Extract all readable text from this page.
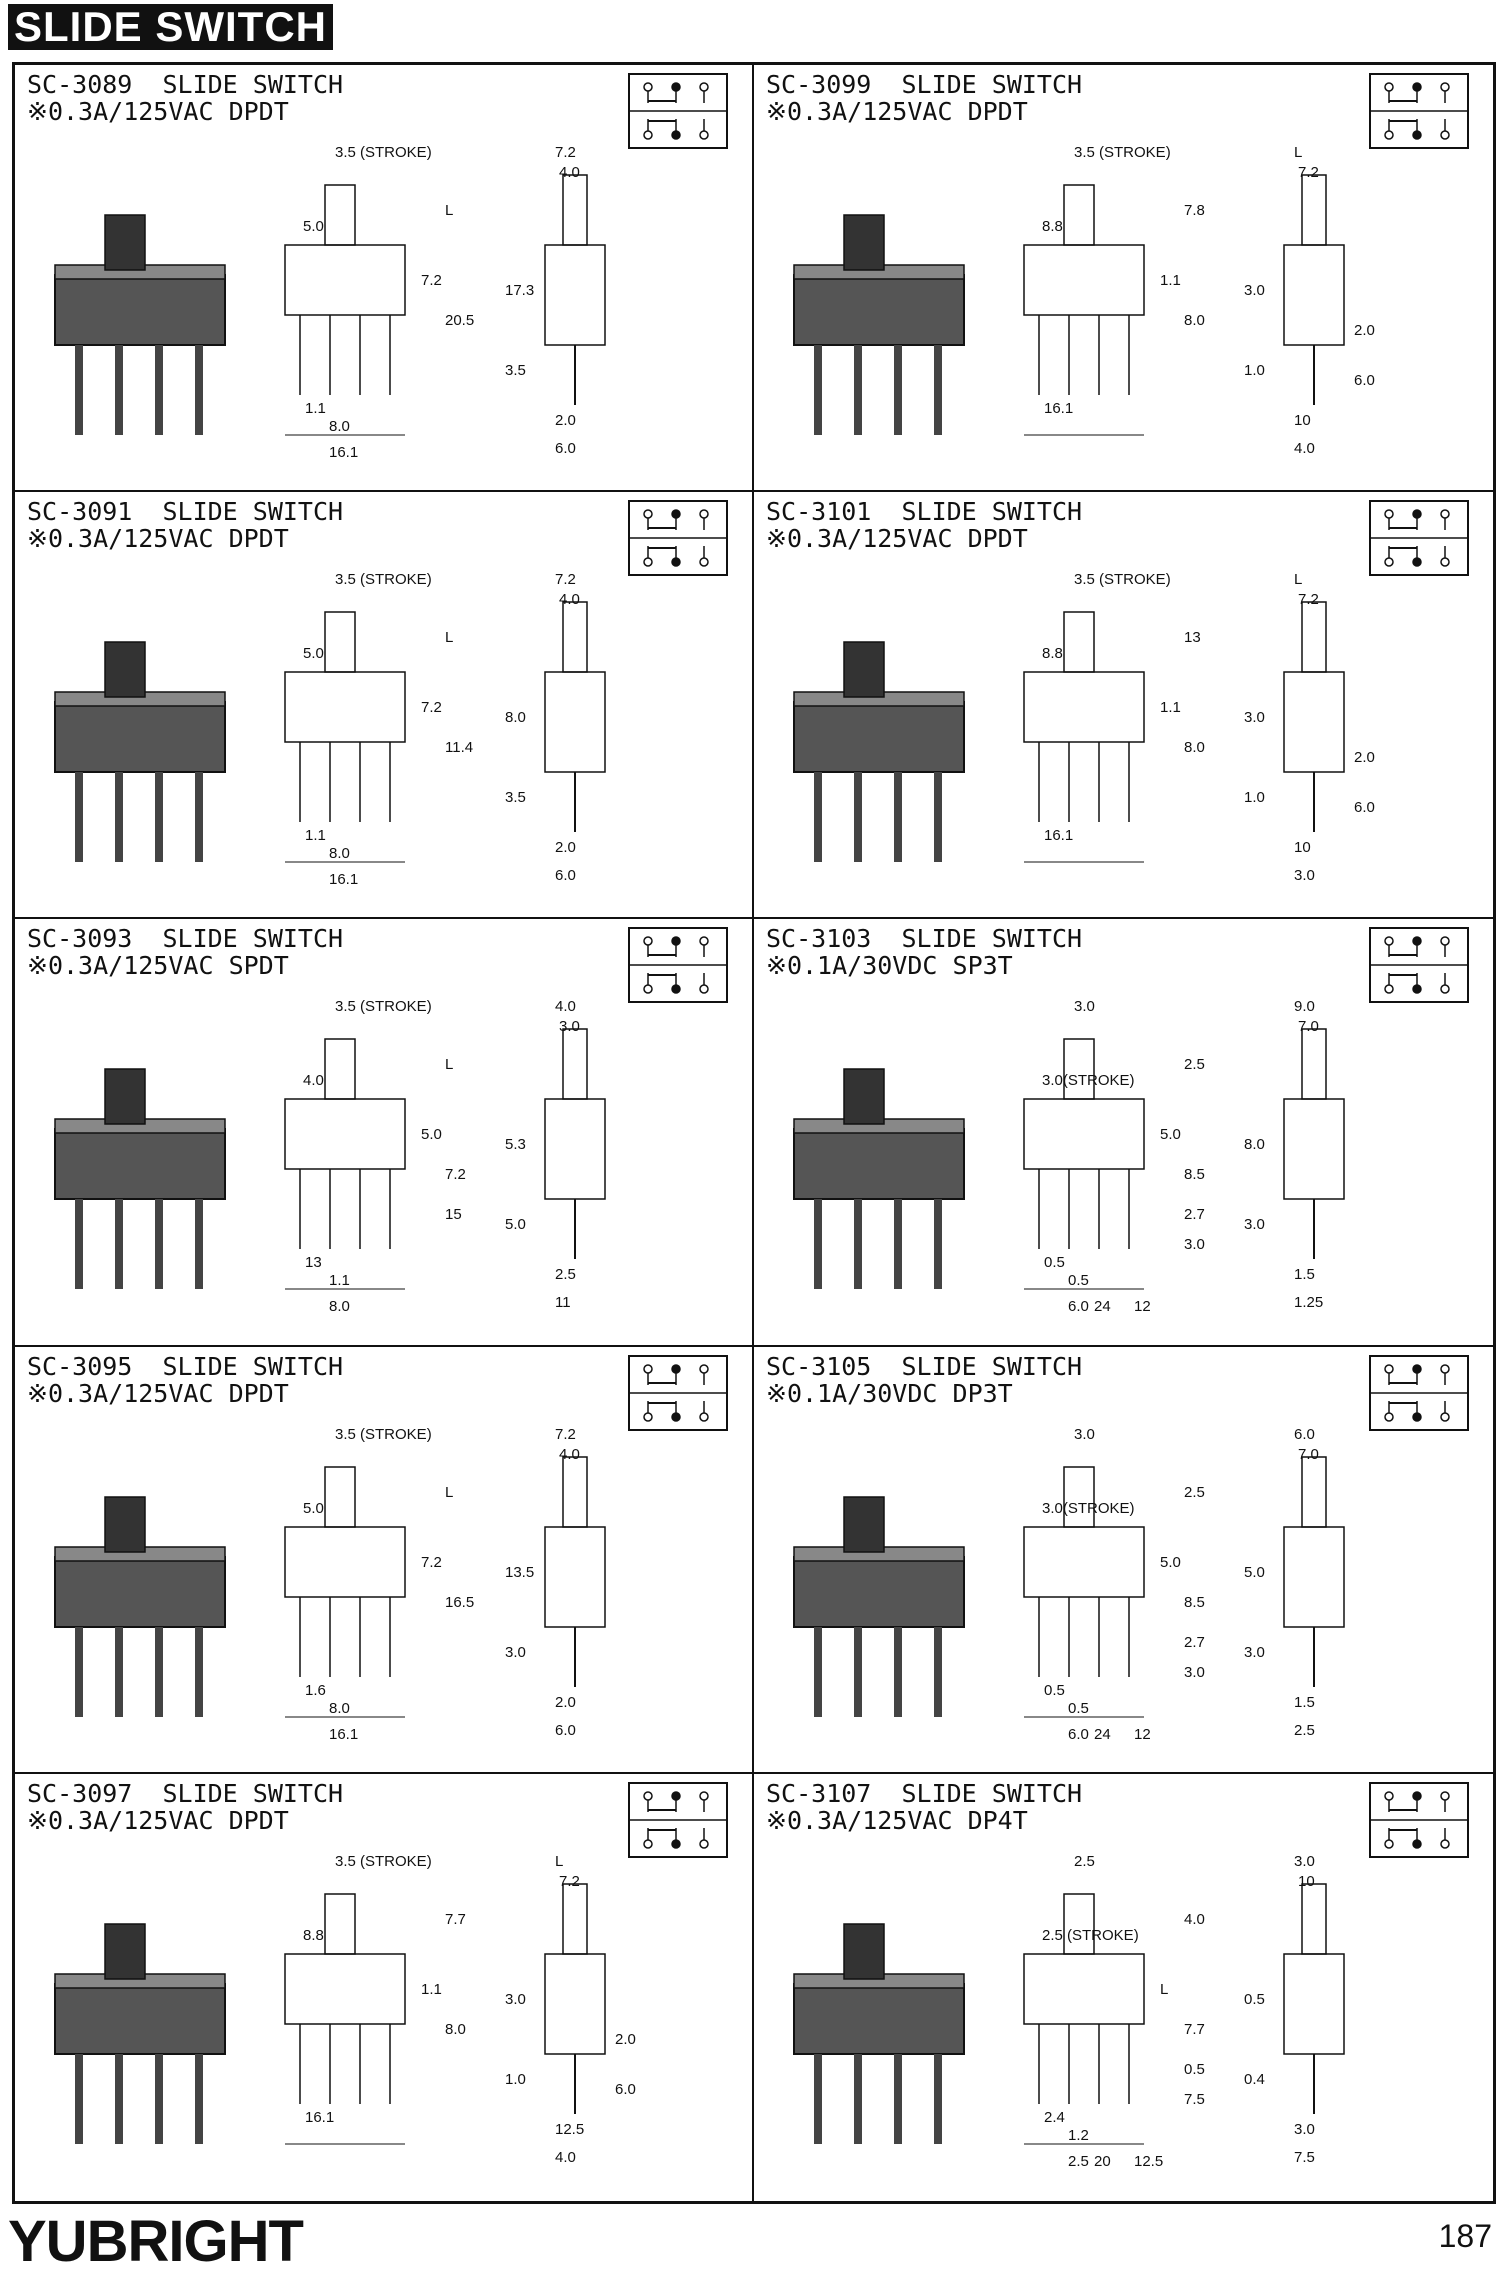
SLIDE SWITCH
SC-3089  SLIDE SWITCH
※0.3A/125VAC DPDT
3.5 (STROKE)
5.0
L
7.2
20.5
1.1
8.0
16.1
7.2
4.0
17.3
3.5
2.0
6.0
SC-3099  SLIDE SWITCH
※0.3A/125VAC DPDT
3.5 (STROKE)
8.8
7.8
1.1
8.0
16.1
L
7.2
3.0
1.0
10
4.0
2.0
6.0
SC-3091  SLIDE SWITCH
※0.3A/125VAC DPDT
3.5 (STROKE)
5.0
L
7.2
11.4
1.1
8.0
16.1
7.2
4.0
8.0
3.5
2.0
6.0
SC-3101  SLIDE SWITCH
※0.3A/125VAC DPDT
3.5 (STROKE)
8.8
13
1.1
8.0
16.1
L
7.2
3.0
1.0
10
3.0
2.0
6.0
SC-3093  SLIDE SWITCH
※0.3A/125VAC SPDT
3.5 (STROKE)
4.0
L
5.0
7.2
13
1.1
8.0
15
4.0
3.0
5.3
5.0
2.5
11
SC-3103  SLIDE SWITCH
※0.1A/30VDC SP3T
3.0
3.0(STROKE)
2.5
5.0
8.5
0.5
0.5
6.0
2.7
3.0
12
24
9.0
7.0
8.0
3.0
1.5
1.25
SC-3095  SLIDE SWITCH
※0.3A/125VAC DPDT
3.5 (STROKE)
5.0
L
7.2
16.5
1.6
8.0
16.1
7.2
4.0
13.5
3.0
2.0
6.0
SC-3105  SLIDE SWITCH
※0.1A/30VDC DP3T
3.0
3.0(STROKE)
2.5
5.0
8.5
0.5
0.5
6.0
2.7
3.0
12
24
6.0
7.0
5.0
3.0
1.5
2.5
SC-3097  SLIDE SWITCH
※0.3A/125VAC DPDT
3.5 (STROKE)
8.8
7.7
1.1
8.0
16.1
L
7.2
3.0
1.0
12.5
4.0
2.0
6.0
SC-3107  SLIDE SWITCH
※0.3A/125VAC DP4T
2.5
2.5 (STROKE)
4.0
L
7.7
2.4
1.2
2.5
0.5
7.5
12.5
20
3.0
10
0.5
0.4
3.0
7.5
YUBRIGHT	187
